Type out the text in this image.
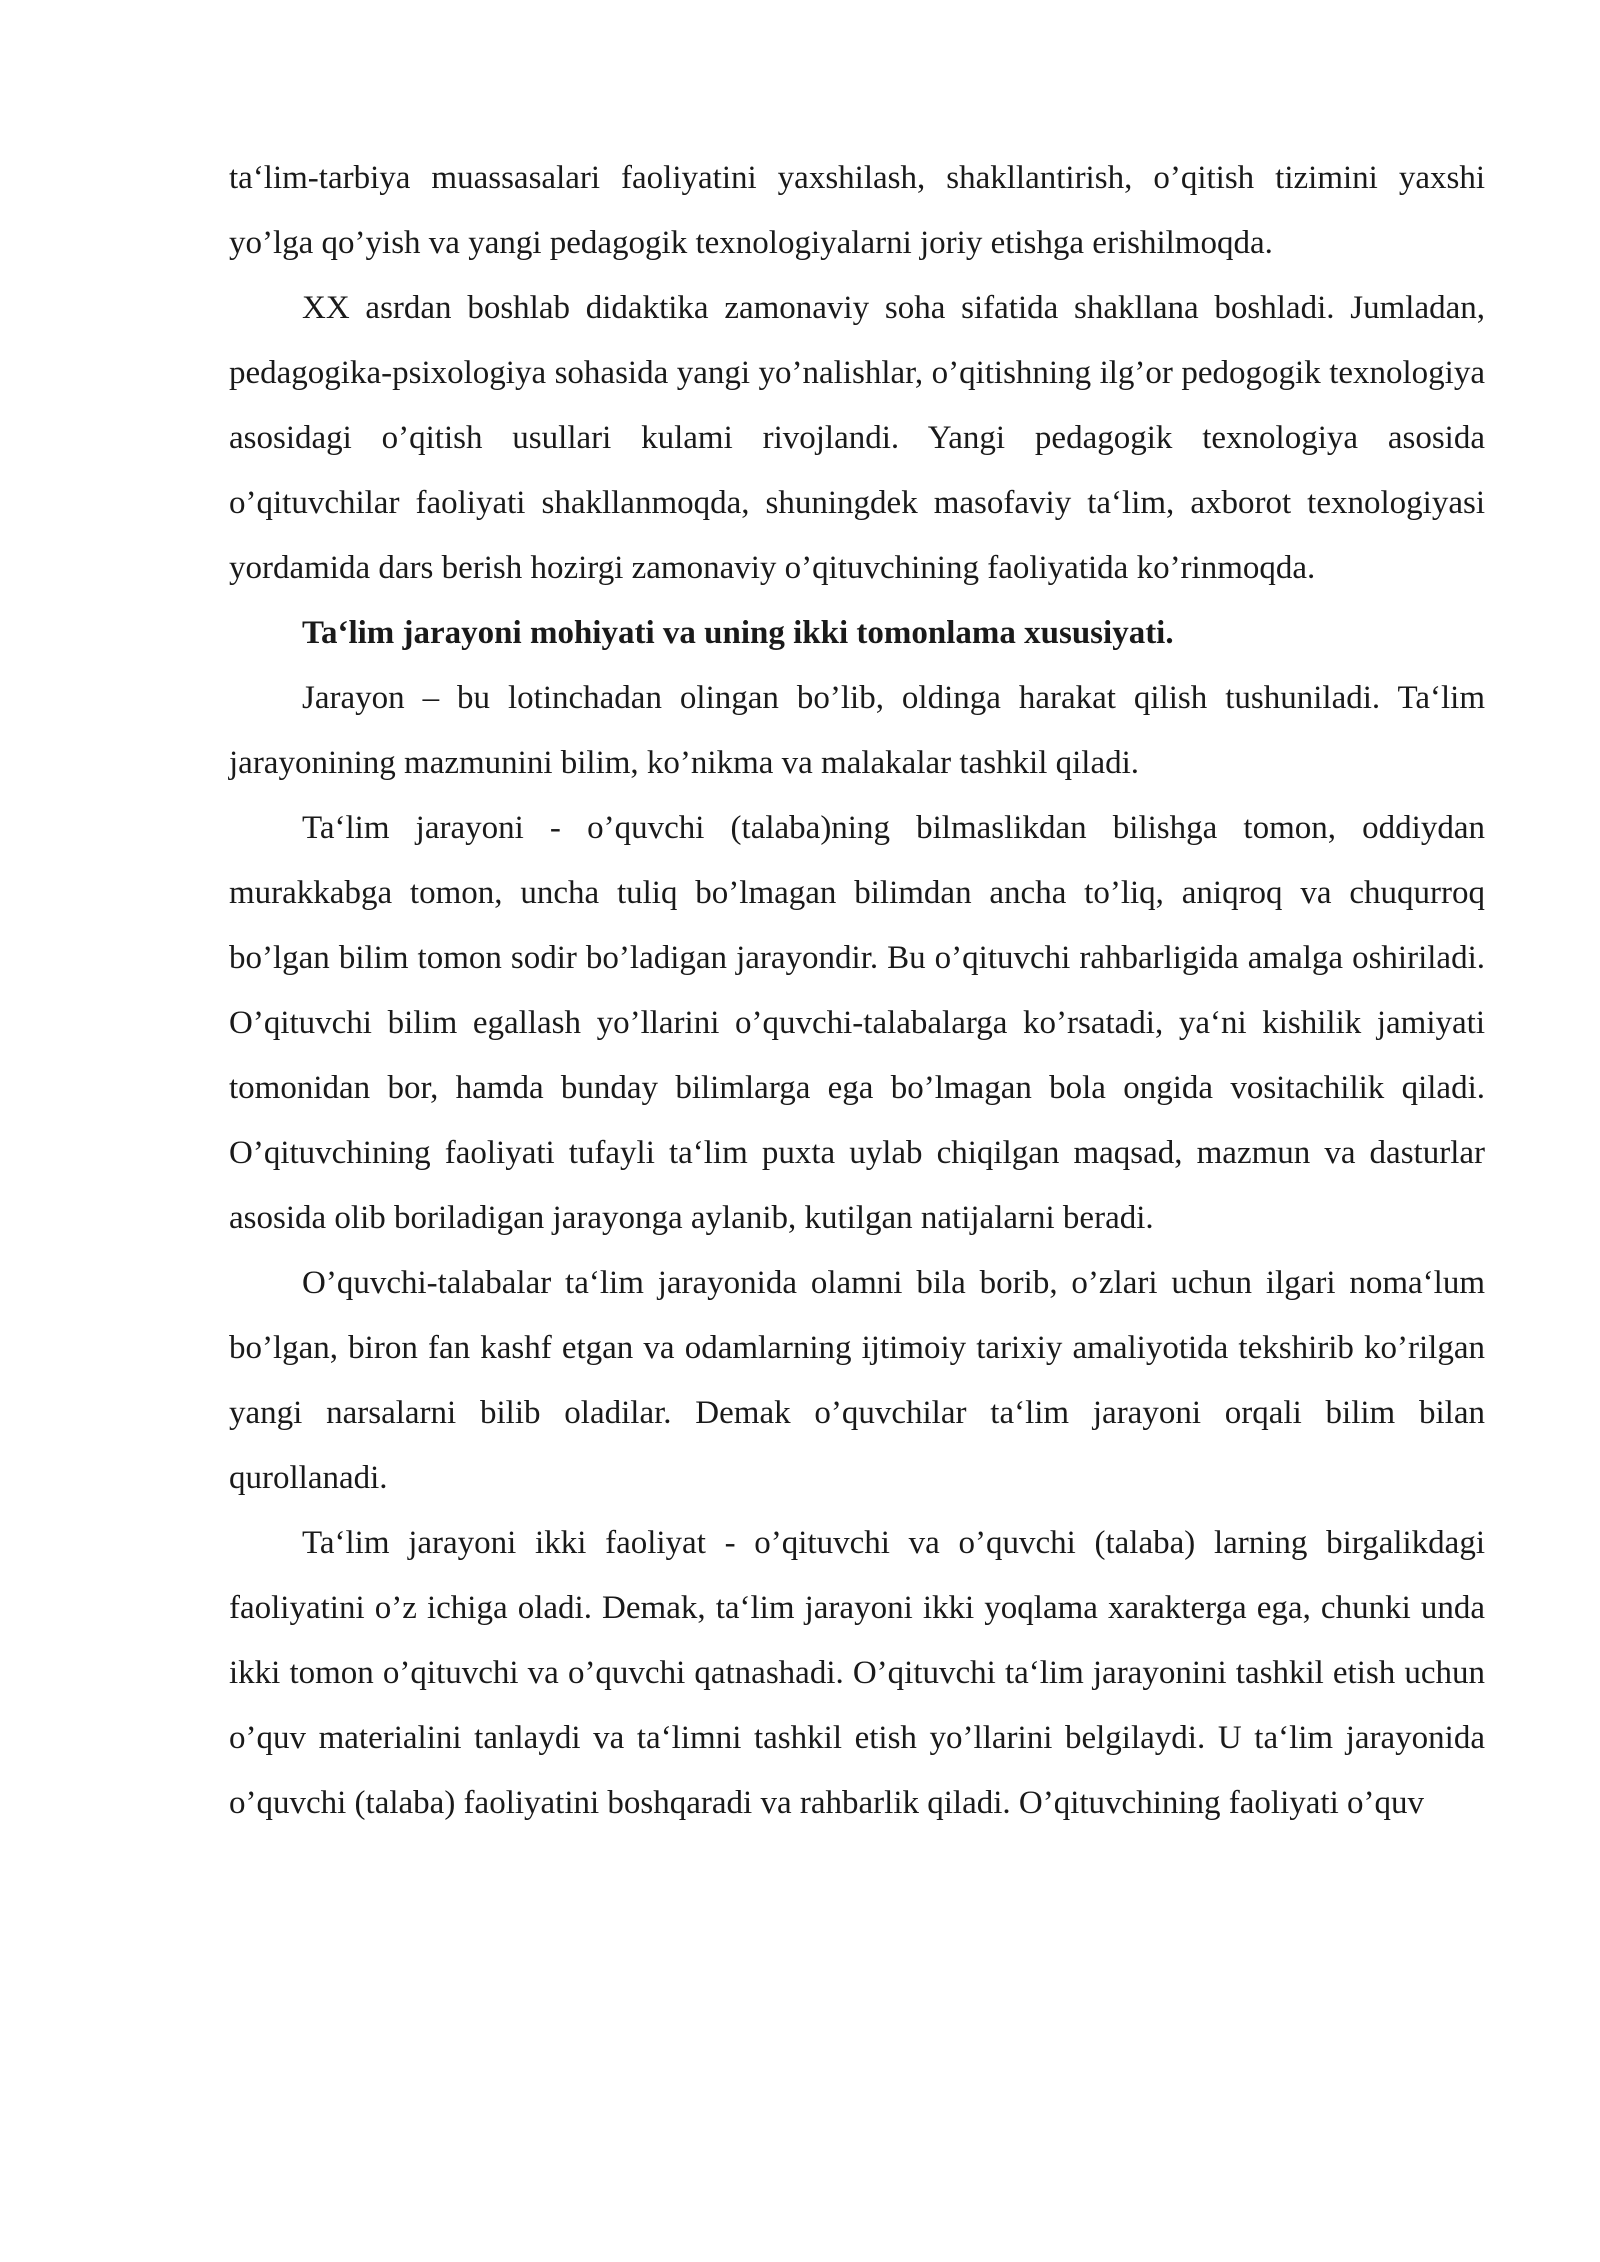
ta‘lim-tarbiya muassasalari faoliyatini yaxshilash, shakllantirish, o’qitish tizimini yaxshi yo’lga qo’yish va yangi pedagogik texnologiyalarni joriy etishga erishilmoqda.

XX asrdan boshlab didaktika zamonaviy soha sifatida shakllana boshladi. Jumladan, pedagogika-psixologiya sohasida yangi yo’nalishlar, o’qitishning ilg’or pedogogik texnologiya asosidagi o’qitish usullari kulami rivojlandi. Yangi pedagogik texnologiya asosida o’qituvchilar faoliyati shakllanmoqda, shuningdek masofaviy ta‘lim, axborot texnologiyasi yordamida dars berish hozirgi zamonaviy o’qituvchining faoliyatida ko’rinmoqda.

Ta‘lim jarayoni mohiyati va uning ikki tomonlama xususiyati.

Jarayon – bu lotinchadan olingan bo’lib, oldinga harakat qilish tushuniladi. Ta‘lim jarayonining mazmunini bilim, ko’nikma va malakalar tashkil qiladi.

Ta‘lim jarayoni - o’quvchi (talaba)ning bilmaslikdan bilishga tomon, oddiydan murakkabga tomon, uncha tuliq bo’lmagan bilimdan ancha to’liq, aniqroq va chuqurroq bo’lgan bilim tomon sodir bo’ladigan jarayondir. Bu o’qituvchi rahbarligida amalga oshiriladi. O’qituvchi bilim egallash yo’llarini o’quvchi-talabalarga ko’rsatadi, ya‘ni kishilik jamiyati tomonidan bor, hamda bunday bilimlarga ega bo’lmagan bola ongida vositachilik qiladi. O’qituvchining faoliyati tufayli ta‘lim puxta uylab chiqilgan maqsad, mazmun va dasturlar asosida olib boriladigan jarayonga aylanib, kutilgan natijalarni beradi.

O’quvchi-talabalar ta‘lim jarayonida olamni bila borib, o’zlari uchun ilgari noma‘lum bo’lgan, biron fan kashf etgan va odamlarning ijtimoiy tarixiy amaliyotida tekshirib ko’rilgan yangi narsalarni bilib oladilar. Demak o’quvchilar ta‘lim jarayoni orqali bilim bilan qurollanadi.

Ta‘lim jarayoni ikki faoliyat - o’qituvchi va o’quvchi (talaba) larning birgalikdagi faoliyatini o’z ichiga oladi. Demak, ta‘lim jarayoni ikki yoqlama xarakterga ega, chunki unda ikki tomon o’qituvchi va o’quvchi qatnashadi. O’qituvchi ta‘lim jarayonini tashkil etish uchun o’quv materialini tanlaydi va ta‘limni tashkil etish yo’llarini belgilaydi. U ta‘lim jarayonida o’quvchi (talaba) faoliyatini boshqaradi va rahbarlik qiladi. O’qituvchining faoliyati o’quv
